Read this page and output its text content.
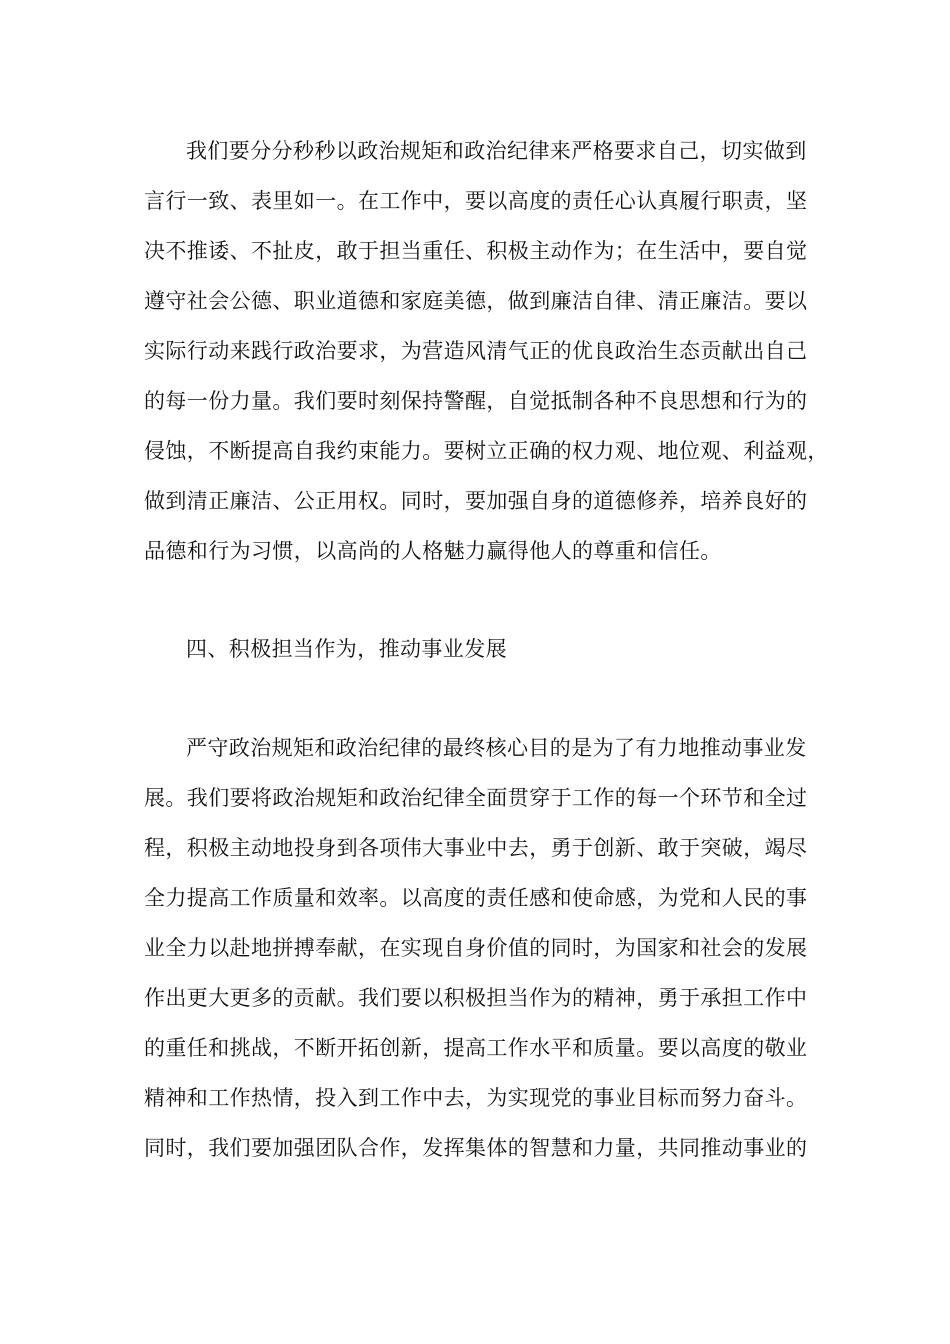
我们要分分秒秒以政治规矩和政治纪律来严格要求自己，切实做到

言行一致、表里如一。在工作中，要以高度的责任心认真履行职责，坚

决不推诿、不扯皮，敢于担当重任、积极主动作为；在生活中，要自觉

遵守社会公德、职业道德和家庭美德，做到廉洁自律、清正廉洁。要以

实际行动来践行政治要求，为营造风清气正的优良政治生态贡献出自己

的每一份力量。我们要时刻保持警醒，自觉抵制各种不良思想和行为的

侵蚀，不断提高自我约束能力。要树立正确的权力观、地位观、利益观，

做到清正廉洁、公正用权。同时，要加强自身的道德修养，培养良好的

品德和行为习惯，以高尚的人格魅力赢得他人的尊重和信任。

四、积极担当作为，推动事业发展

严守政治规矩和政治纪律的最终核心目的是为了有力地推动事业发

展。我们要将政治规矩和政治纪律全面贯穿于工作的每一个环节和全过

程，积极主动地投身到各项伟大事业中去，勇于创新、敢于突破，竭尽

全力提高工作质量和效率。以高度的责任感和使命感，为党和人民的事

业全力以赴地拼搏奉献，在实现自身价值的同时，为国家和社会的发展

作出更大更多的贡献。我们要以积极担当作为的精神，勇于承担工作中

的重任和挑战，不断开拓创新，提高工作水平和质量。要以高度的敬业

精神和工作热情，投入到工作中去，为实现党的事业目标而努力奋斗。

同时，我们要加强团队合作，发挥集体的智慧和力量，共同推动事业的
